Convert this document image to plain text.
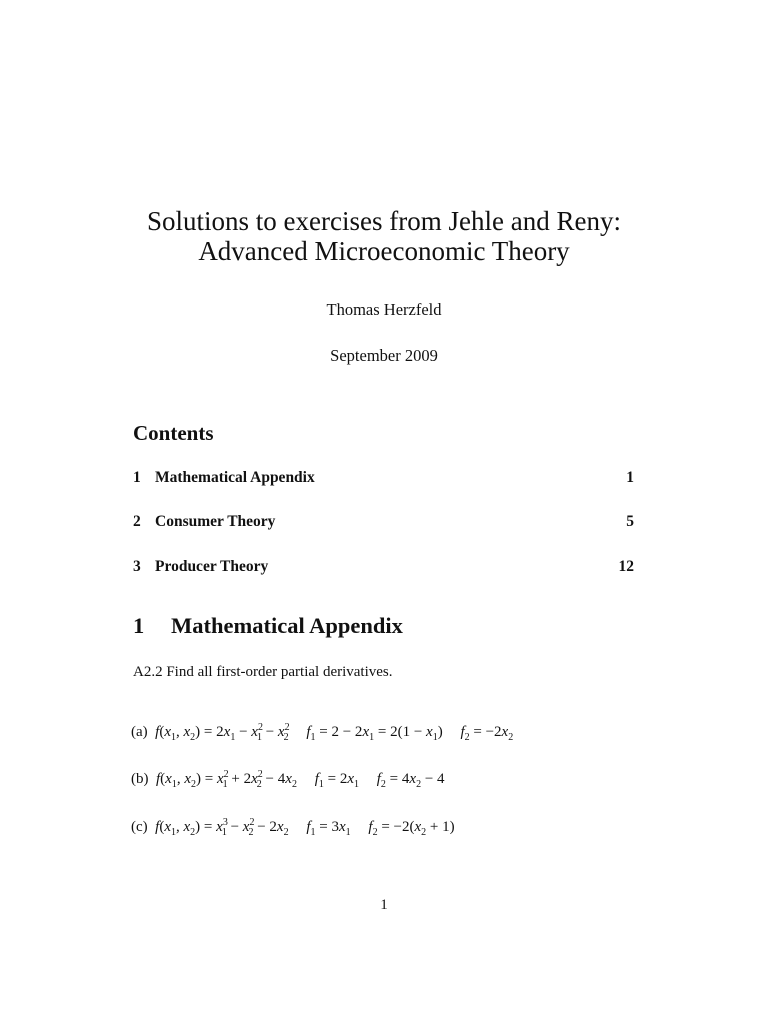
Solutions to exercises from Jehle and Reny:
Advanced Microeconomic Theory
Thomas Herzfeld
September 2009
Contents
1 Mathematical Appendix	1
2 Consumer Theory	5
3 Producer Theory	12
1	Mathematical Appendix
A2.2 Find all first-order partial derivatives.
(a) $f(x_1$, $x_2) = 2x_1 - x^2_1 - x^2_2$ $f_1 = 2 - 2x_1 = 2(1 - x_1) f_2 = -2x_2$
(b) $f(x_1$, $x_2) = x^2_1 + 2x^2_2 - 4x_2$ $f_1 = 2x_1$ $f_2 = 4x_2 - 4$
(c) $f(x_1$, $x_2) = x^3_1 - x^2_2 - 2x_2$ $f_1 = 3x_1$ $f_2 = -2(x_2 + 1)$
1
